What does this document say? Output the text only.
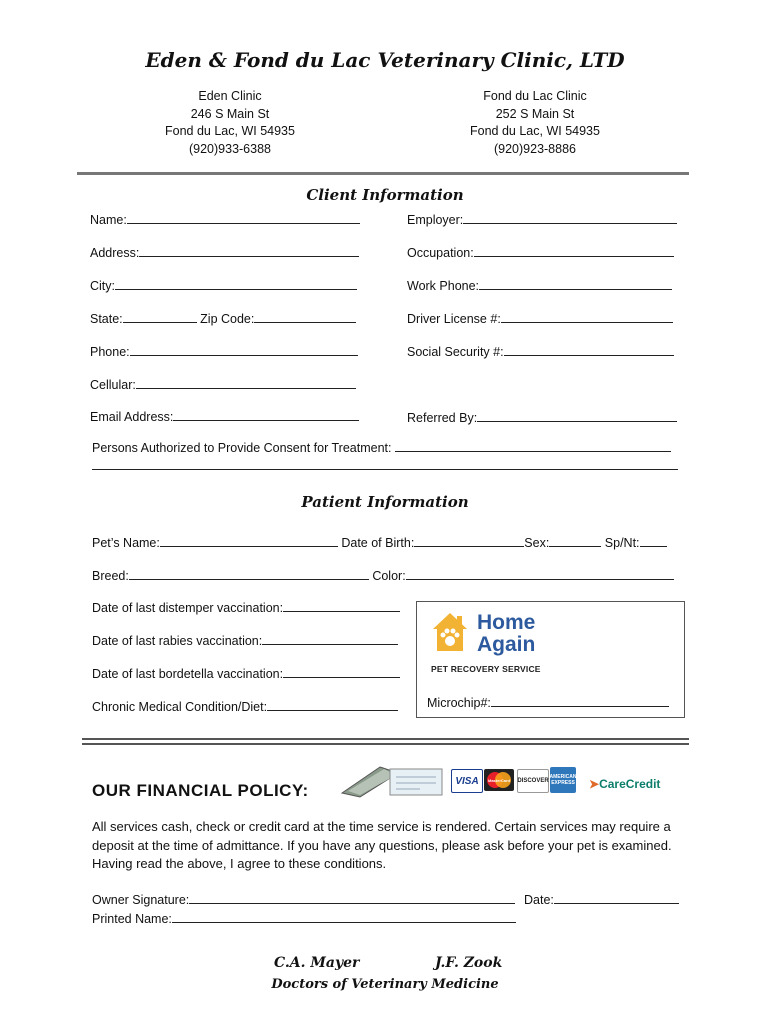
Eden & Fond du Lac Veterinary Clinic, LTD
Eden Clinic
246 S Main St
Fond du Lac, WI 54935
(920)933-6388
Fond du Lac Clinic
252 S Main St
Fond du Lac, WI 54935
(920)923-8886
Client Information
Name:	Employer:
Address:	Occupation:
City:	Work Phone:
State:	Zip Code:	Driver License #:
Phone:	Social Security #:
Cellular:
Email Address:	Referred By:
Persons Authorized to Provide Consent for Treatment:
Patient Information
Pet’s Name:	Date of Birth:	Sex:	Sp/Nt:
Breed:	Color:
Date of last distemper vaccination:
Date of last rabies vaccination:
Date of last bordetella vaccination:
Chronic Medical Condition/Diet:
Home
Again
PET RECOVERY SERVICE
Microchip#:
OUR FINANCIAL POLICY:	VISA	MasterCard DISCOVER
AMERICAN EXPRESS ➤CareCredit
All services cash, check or credit card at the time service is rendered. Certain services may require a deposit at the time of admittance. If you have any questions, please ask before your pet is examined. Having read the above, I agree to these conditions.
Owner Signature:	Date:
Printed Name:
C.A. Mayer	J.F. Zook
Doctors of Veterinary Medicine
